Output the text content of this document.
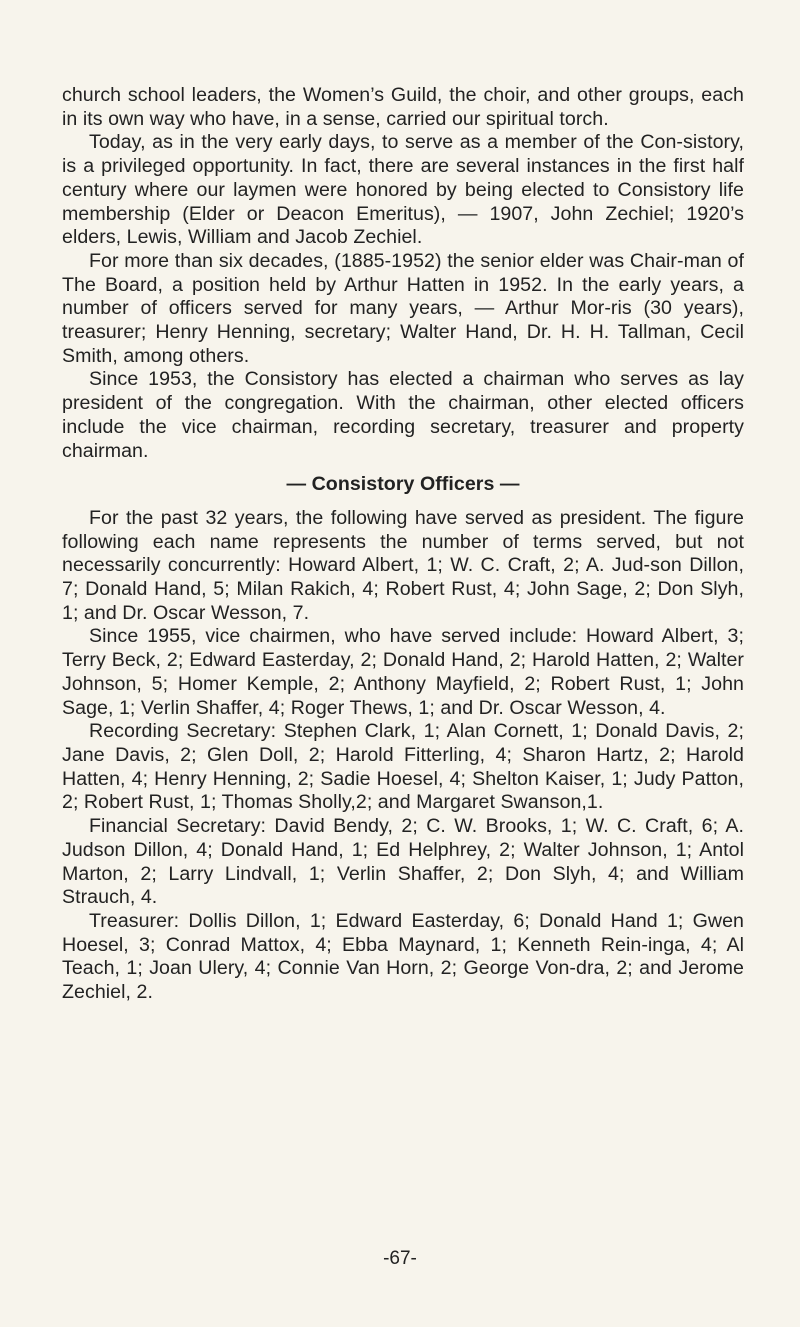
church school leaders, the Women’s Guild, the choir, and other groups, each in its own way who have, in a sense, carried our spiritual torch.

Today, as in the very early days, to serve as a member of the Con-sistory, is a privileged opportunity. In fact, there are several instances in the first half century where our laymen were honored by being elected to Consistory life membership (Elder or Deacon Emeritus), — 1907, John Zechiel; 1920’s elders, Lewis, William and Jacob Zechiel.

For more than six decades, (1885-1952) the senior elder was Chair-man of The Board, a position held by Arthur Hatten in 1952. In the early years, a number of officers served for many years, — Arthur Mor-ris (30 years), treasurer; Henry Henning, secretary; Walter Hand, Dr. H. H. Tallman, Cecil Smith, among others.

Since 1953, the Consistory has elected a chairman who serves as lay president of the congregation. With the chairman, other elected officers include the vice chairman, recording secretary, treasurer and property chairman.

— Consistory Officers —

For the past 32 years, the following have served as president. The figure following each name represents the number of terms served, but not necessarily concurrently: Howard Albert, 1; W. C. Craft, 2; A. Jud-son Dillon, 7; Donald Hand, 5; Milan Rakich, 4; Robert Rust, 4; John Sage, 2; Don Slyh, 1; and Dr. Oscar Wesson, 7.

Since 1955, vice chairmen, who have served include: Howard Albert, 3; Terry Beck, 2; Edward Easterday, 2; Donald Hand, 2; Harold Hatten, 2; Walter Johnson, 5; Homer Kemple, 2; Anthony Mayfield, 2; Robert Rust, 1; John Sage, 1; Verlin Shaffer, 4; Roger Thews, 1; and Dr. Oscar Wesson, 4.

Recording Secretary: Stephen Clark, 1; Alan Cornett, 1; Donald Davis, 2; Jane Davis, 2; Glen Doll, 2; Harold Fitterling, 4; Sharon Hartz, 2; Harold Hatten, 4; Henry Henning, 2; Sadie Hoesel, 4; Shelton Kaiser, 1; Judy Patton, 2; Robert Rust, 1; Thomas Sholly,2; and Margaret Swanson,1.

Financial Secretary: David Bendy, 2; C. W. Brooks, 1; W. C. Craft, 6; A. Judson Dillon, 4; Donald Hand, 1; Ed Helphrey, 2; Walter Johnson, 1; Antol Marton, 2; Larry Lindvall, 1; Verlin Shaffer, 2; Don Slyh, 4; and William Strauch, 4.

Treasurer: Dollis Dillon, 1; Edward Easterday, 6; Donald Hand 1; Gwen Hoesel, 3; Conrad Mattox, 4; Ebba Maynard, 1; Kenneth Rein-inga, 4; Al Teach, 1; Joan Ulery, 4; Connie Van Horn, 2; George Von-dra, 2; and Jerome Zechiel, 2.

-67-
